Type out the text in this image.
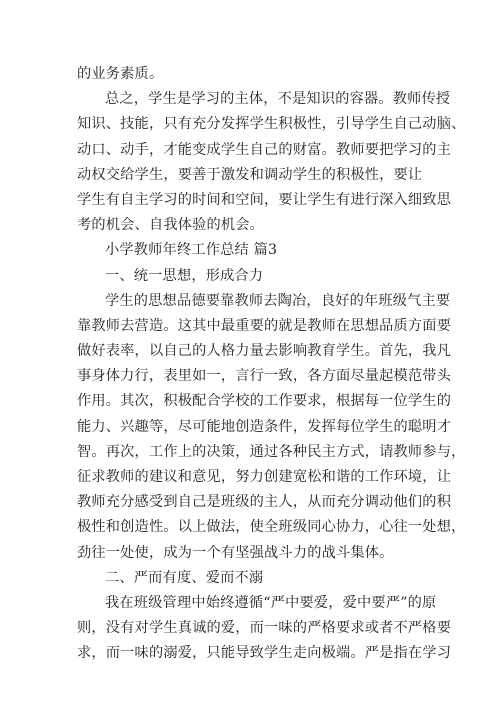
的业务素质。
总之，学生是学习的主体，不是知识的容器。教师传授
知识、技能，只有充分发挥学生积极性，引导学生自己动脑、
动口、动手，才能变成学生自己的财富。教师要把学习的主
动权交给学生，要善于激发和调动学生的积极性，要让
学生有自主学习的时间和空间，要让学生有进行深入细致思
考的机会、自我体验的机会。
小学教师年终工作总结 篇3
一、统一思想，形成合力
学生的思想品德要靠教师去陶冶，良好的年班级气主要
靠教师去营造。这其中最重要的就是教师在思想品质方面要
做好表率，以自己的人格力量去影响教育学生。首先，我凡
事身体力行，表里如一，言行一致，各方面尽量起模范带头
作用。其次，积极配合学校的工作要求，根据每一位学生的
能力、兴趣等，尽可能地创造条件，发挥每位学生的聪明才
智。再次，工作上的决策，通过各种民主方式，请教师参与，
征求教师的建议和意见，努力创建宽松和谐的工作环境，让
教师充分感受到自己是班级的主人，从而充分调动他们的积
极性和创造性。以上做法，使全班级同心协力，心往一处想，
劲往一处使，成为一个有坚强战斗力的战斗集体。
二、严而有度、爱而不溺
我在班级管理中始终遵循“严中要爱，爱中要严”的原
则，没有对学生真诚的爱，而一味的严格要求或者不严格要
求，而一味的溺爱，只能导致学生走向极端。严是指在学习
